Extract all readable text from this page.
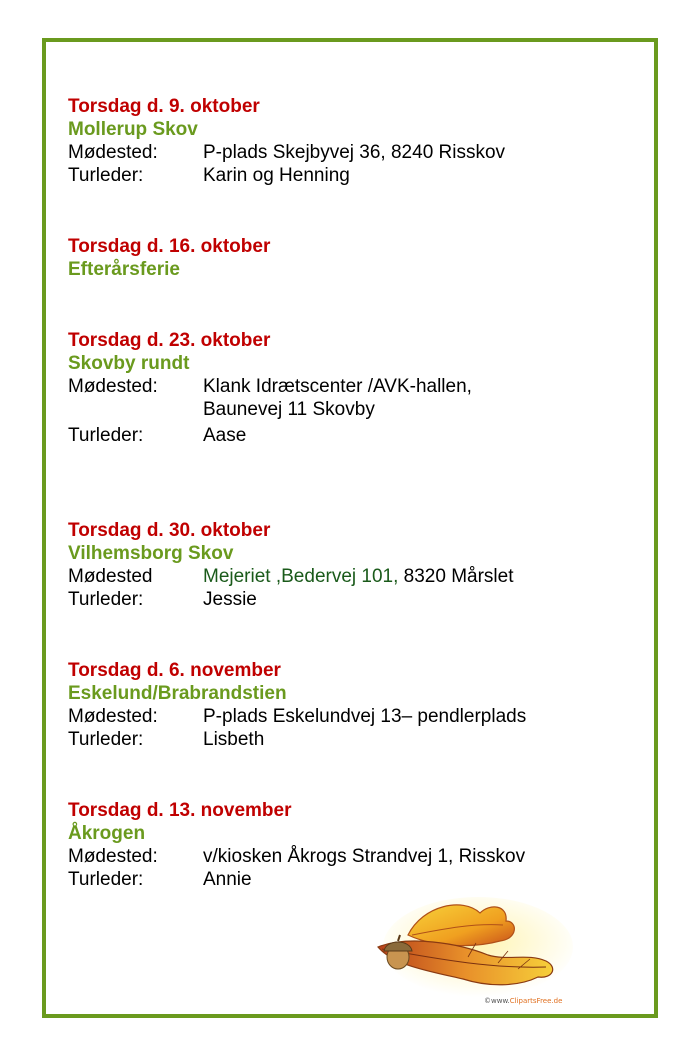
Torsdag d. 9. oktober
Mollerup Skov
Mødested:	P-plads Skejbyvej 36, 8240 Risskov
Turleder:	Karin og Henning
Torsdag d. 16. oktober
Efterårsferie
Torsdag d. 23. oktober
Skovby rundt
Mødested:	Klank Idrætscenter /AVK-hallen,
Baunevej 11 Skovby
Turleder:	Aase
Torsdag d. 30. oktober
Vilhemsborg Skov
Mødested	Mejeriet ,Bedervej 101, 8320 Mårslet
Turleder:	Jessie
Torsdag d. 6. november
Eskelund/Brabrandstien
Mødested:	P-plads Eskelundvej 13– pendlerplads
Turleder:	Lisbeth
Torsdag d. 13. november
Åkrogen
Mødested:	v/kiosken Åkrogs Strandvej 1, Risskov
Turleder:	Annie
©www.ClipartsFree.de
